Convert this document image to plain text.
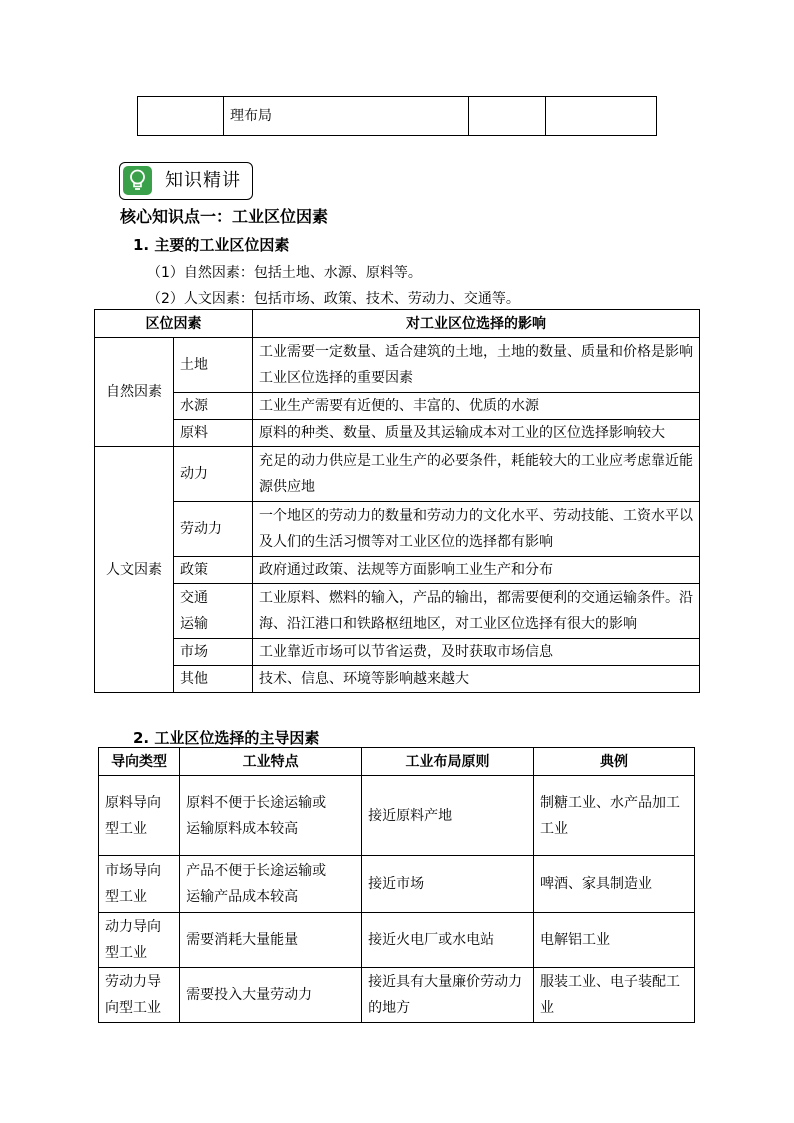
	理布局		
知识精讲
核心知识点一：工业区位因素
1. 主要的工业区位因素
（1）自然因素：包括土地、水源、原料等。
（2）人文因素：包括市场、政策、技术、劳动力、交通等。
区位因素		对工业区位选择的影响
自然因素	土地	工业需要一定数量、适合建筑的土地，土地的数量、质量和价格是影响工业区位选择的重要因素
	水源	工业生产需要有近便的、丰富的、优质的水源
	原料	原料的种类、数量、质量及其运输成本对工业的区位选择影响较大
人文因素	动力	充足的动力供应是工业生产的必要条件，耗能较大的工业应考虑靠近能源供应地
	劳动力	一个地区的劳动力的数量和劳动力的文化水平、劳动技能、工资水平以及人们的生活习惯等对工业区位的选择都有影响
	政策	政府通过政策、法规等方面影响工业生产和分布

	交通运输	工业原料、燃料的输入，产品的输出，都需要便利的交通运输条件。沿海、沿江港口和铁路枢纽地区，对工业区位选择有很大的影响
	市场	工业靠近市场可以节省运费，及时获取市场信息
	其他	技术、信息、环境等影响越来越大
2. 工业区位选择的主导因素
导向类型	工业特点	工业布局原则	典例

原料导向型工业	原料不便于长途运输或运输原料成本较高	接近原料产地	制糖工业、水产品加工工业

市场导向型工业	产品不便于长途运输或运输产品成本较高	接近市场	啤酒、家具制造业

动力导向型工业	需要消耗大量能量	接近火电厂或水电站	电解铝工业

劳动力导向型工业	需要投入大量劳动力	接近具有大量廉价劳动力的地方	服装工业、电子装配工业
